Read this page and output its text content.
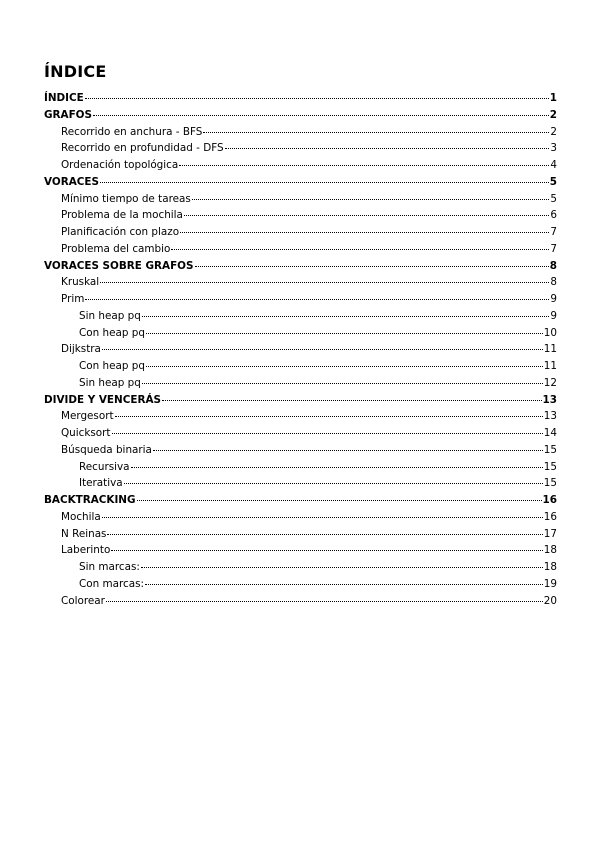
ÍNDICE
ÍNDICE	1
GRAFOS	2
Recorrido en anchura - BFS	2
Recorrido en profundidad - DFS	3
Ordenación topológica	4
VORACES	5
Mínimo tiempo de tareas	5
Problema de la mochila	6
Planificación con plazo	7
Problema del cambio	7
VORACES SOBRE GRAFOS	8
Kruskal	8
Prim	9
Sin heap pq	9
Con heap pq	10
Dijkstra	11
Con heap pq	11
Sin heap pq	12
DIVIDE Y VENCERÁS	13
Mergesort	13
Quicksort	14
Búsqueda binaria	15
Recursiva	15
Iterativa	15
BACKTRACKING	16
Mochila	16
N Reinas	17
Laberinto	18
Sin marcas:	18
Con marcas:	19
Colorear	20
